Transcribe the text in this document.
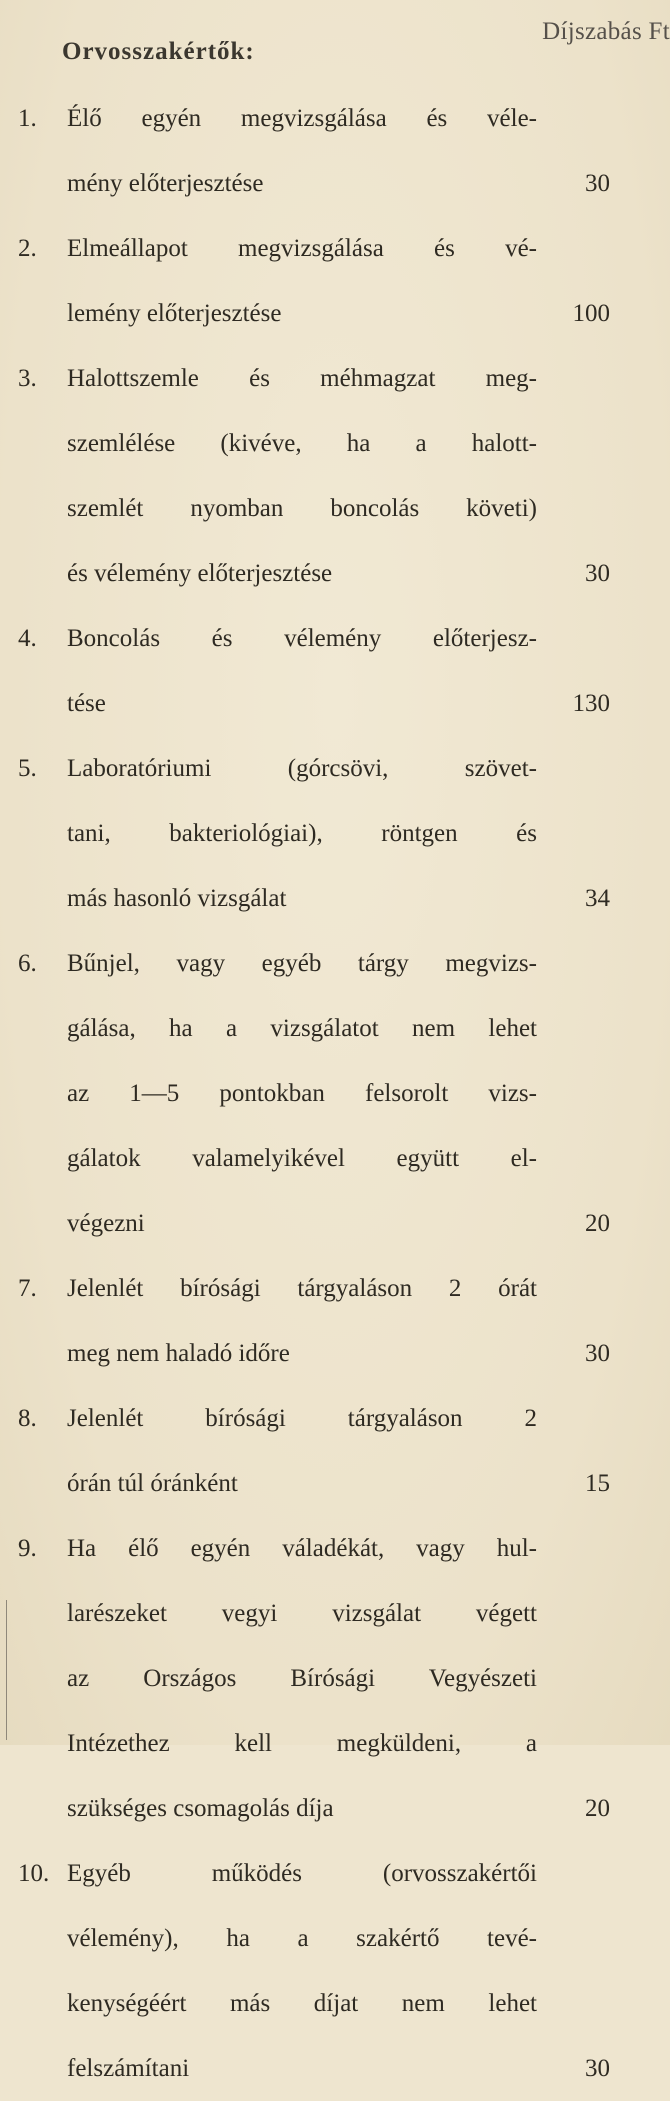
Díjszabás Ft
Orvosszakértők:
1.	Élő egyén megvizsgálása és véle-
mény előterjesztése	30
2.	Elmeállapot megvizsgálása és vé-
lemény előterjesztése	100
3.	Halottszemle és méhmagzat meg-
szemlélése (kivéve, ha a halott-
szemlét nyomban boncolás követi)
és vélemény előterjesztése	30
4.	Boncolás és vélemény előterjesz-
tése	130
5.	Laboratóriumi (górcsövi, szövet-
tani, bakteriológiai), röntgen és
más hasonló vizsgálat	34
6.	Bűnjel, vagy egyéb tárgy megvizs-
gálása, ha a vizsgálatot nem lehet
az 1—5 pontokban felsorolt vizs-
gálatok valamelyikével együtt el-
végezni	20
7.	Jelenlét bírósági tárgyaláson 2 órát
meg nem haladó időre	30
8.	Jelenlét bírósági tárgyaláson 2
órán túl óránként	15
9.	Ha élő egyén váladékát, vagy hul-
larészeket vegyi vizsgálat végett
az Országos Bírósági Vegyészeti
Intézethez kell megküldeni, a
szükséges csomagolás díja	20
10. Egyéb működés (orvosszakértői
vélemény), ha a szakértő tevé-
kenységéért más díjat nem lehet
felszámítani	30
